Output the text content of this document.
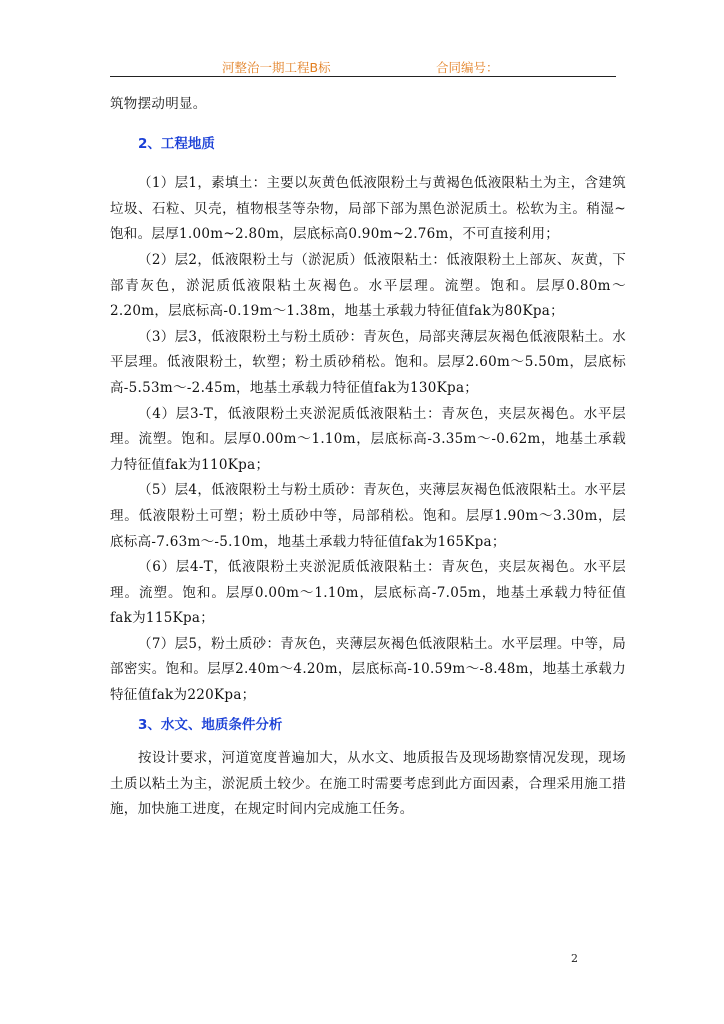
河整治一期工程B标	合同编号：

筑物摆动明显。

2、工程地质

（1）层1，素填土：主要以灰黄色低液限粉土与黄褐色低液限粘土为主，含建筑垃圾、石粒、贝壳，植物根茎等杂物，局部下部为黑色淤泥质土。松软为主。稍湿~饱和。层厚1.00m~2.80m，层底标高0.90m~2.76m，不可直接利用；

（2）层2，低液限粉土与（淤泥质）低液限粘土：低液限粉土上部灰、灰黄，下部青灰色，淤泥质低液限粘土灰褐色。水平层理。流塑。饱和。层厚0.80m～2.20m，层底标高-0.19m～1.38m，地基土承载力特征值fak为80Kpa；

（3）层3，低液限粉土与粉土质砂：青灰色，局部夹薄层灰褐色低液限粘土。水平层理。低液限粉土，软塑；粉土质砂稍松。饱和。层厚2.60m～5.50m，层底标高-5.53m～-2.45m，地基土承载力特征值fak为130Kpa；

（4）层3-T，低液限粉土夹淤泥质低液限粘土：青灰色，夹层灰褐色。水平层理。流塑。饱和。层厚0.00m～1.10m，层底标高-3.35m～-0.62m，地基土承载力特征值fak为110Kpa；

（5）层4，低液限粉土与粉土质砂：青灰色，夹薄层灰褐色低液限粘土。水平层理。低液限粉土可塑；粉土质砂中等，局部稍松。饱和。层厚1.90m～3.30m，层底标高-7.63m～-5.10m，地基土承载力特征值fak为165Kpa；

（6）层4-T，低液限粉土夹淤泥质低液限粘土：青灰色，夹层灰褐色。水平层理。流塑。饱和。层厚0.00m～1.10m，层底标高-7.05m，地基土承载力特征值fak为115Kpa；

（7）层5，粉土质砂：青灰色，夹薄层灰褐色低液限粘土。水平层理。中等，局部密实。饱和。层厚2.40m～4.20m，层底标高-10.59m～-8.48m，地基土承载力特征值fak为220Kpa；

3、水文、地质条件分析

按设计要求，河道宽度普遍加大，从水文、地质报告及现场勘察情况发现，现场土质以粘土为主，淤泥质土较少。在施工时需要考虑到此方面因素，合理采用施工措施，加快施工进度，在规定时间内完成施工任务。

2
